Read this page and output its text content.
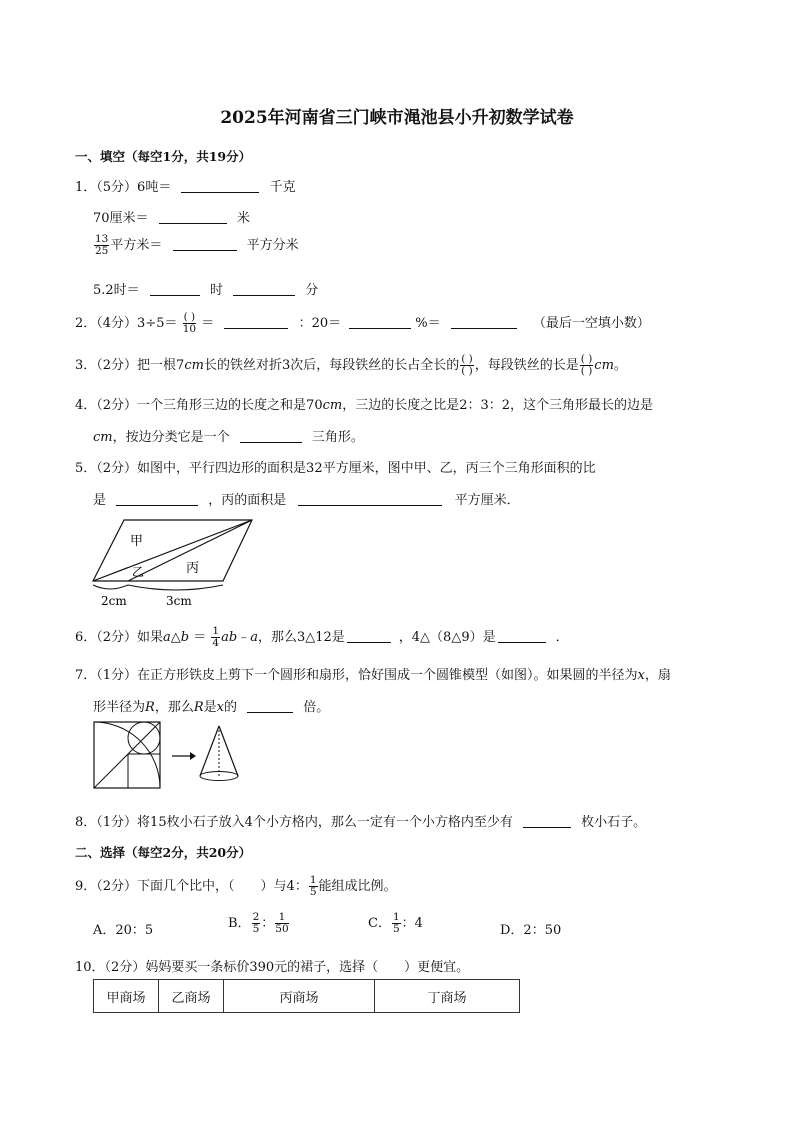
2025年河南省三门峡市渑池县小升初数学试卷
一、填空（每空1分，共19分）
1．（5分）6吨＝	千克
70厘米＝	米
$\frac{13}{25}$ 平方米＝	平方分米
5.2时＝	时	分
2．（4分）$3\div 5= \frac{( )}{10}$ ＝	：20＝	%＝	（最后一空填小数）
3．（2分）把一根7cm长的铁丝对折3次后，每段铁丝的长占全长的 $\frac{( )}{( )}$ ，每段铁丝的长是 $\frac{( )}{( )}$ cm。
4．（2分）一个三角形三边的长度之和是70cm，三边的长度之比是2：3：2，这个三角形最长的边是
cm，按边分类它是一个	三角形。
5．（2分）如图中，平行四边形的面积是32平方厘米，图中甲、乙，丙三个三角形面积的比
是	，丙的面积是	平方厘米．
甲
乙	丙
2cm	3cm
6．（2分）如果a△b ＝ $\frac{1}{4}$ ab﹣a，那么3△12是	，4△（8△9）是	．
7．（1分）在正方形铁皮上剪下一个圆形和扇形，恰好围成一个圆锥模型（如图）。如果圆的半径为x，扇
形半径为R，那么R是x的	倍。
8．（1分）将15枚小石子放入4个小方格内，那么一定有一个小方格内至少有	枚小石子。
二、选择（每空2分，共20分）
9．（2分）下面几个比中，（　　）与4： $\frac{1}{5}$ 能组成比例。
A．20：5	B． $\frac{2}{5}$ ： $\frac{1}{50}$	C． $\frac{1}{5}$ ：4	D．2：50
10．（2分）妈妈要买一条标价390元的裙子，选择（　　）更便宜。
甲商场	乙商场	丙商场	丁商场
